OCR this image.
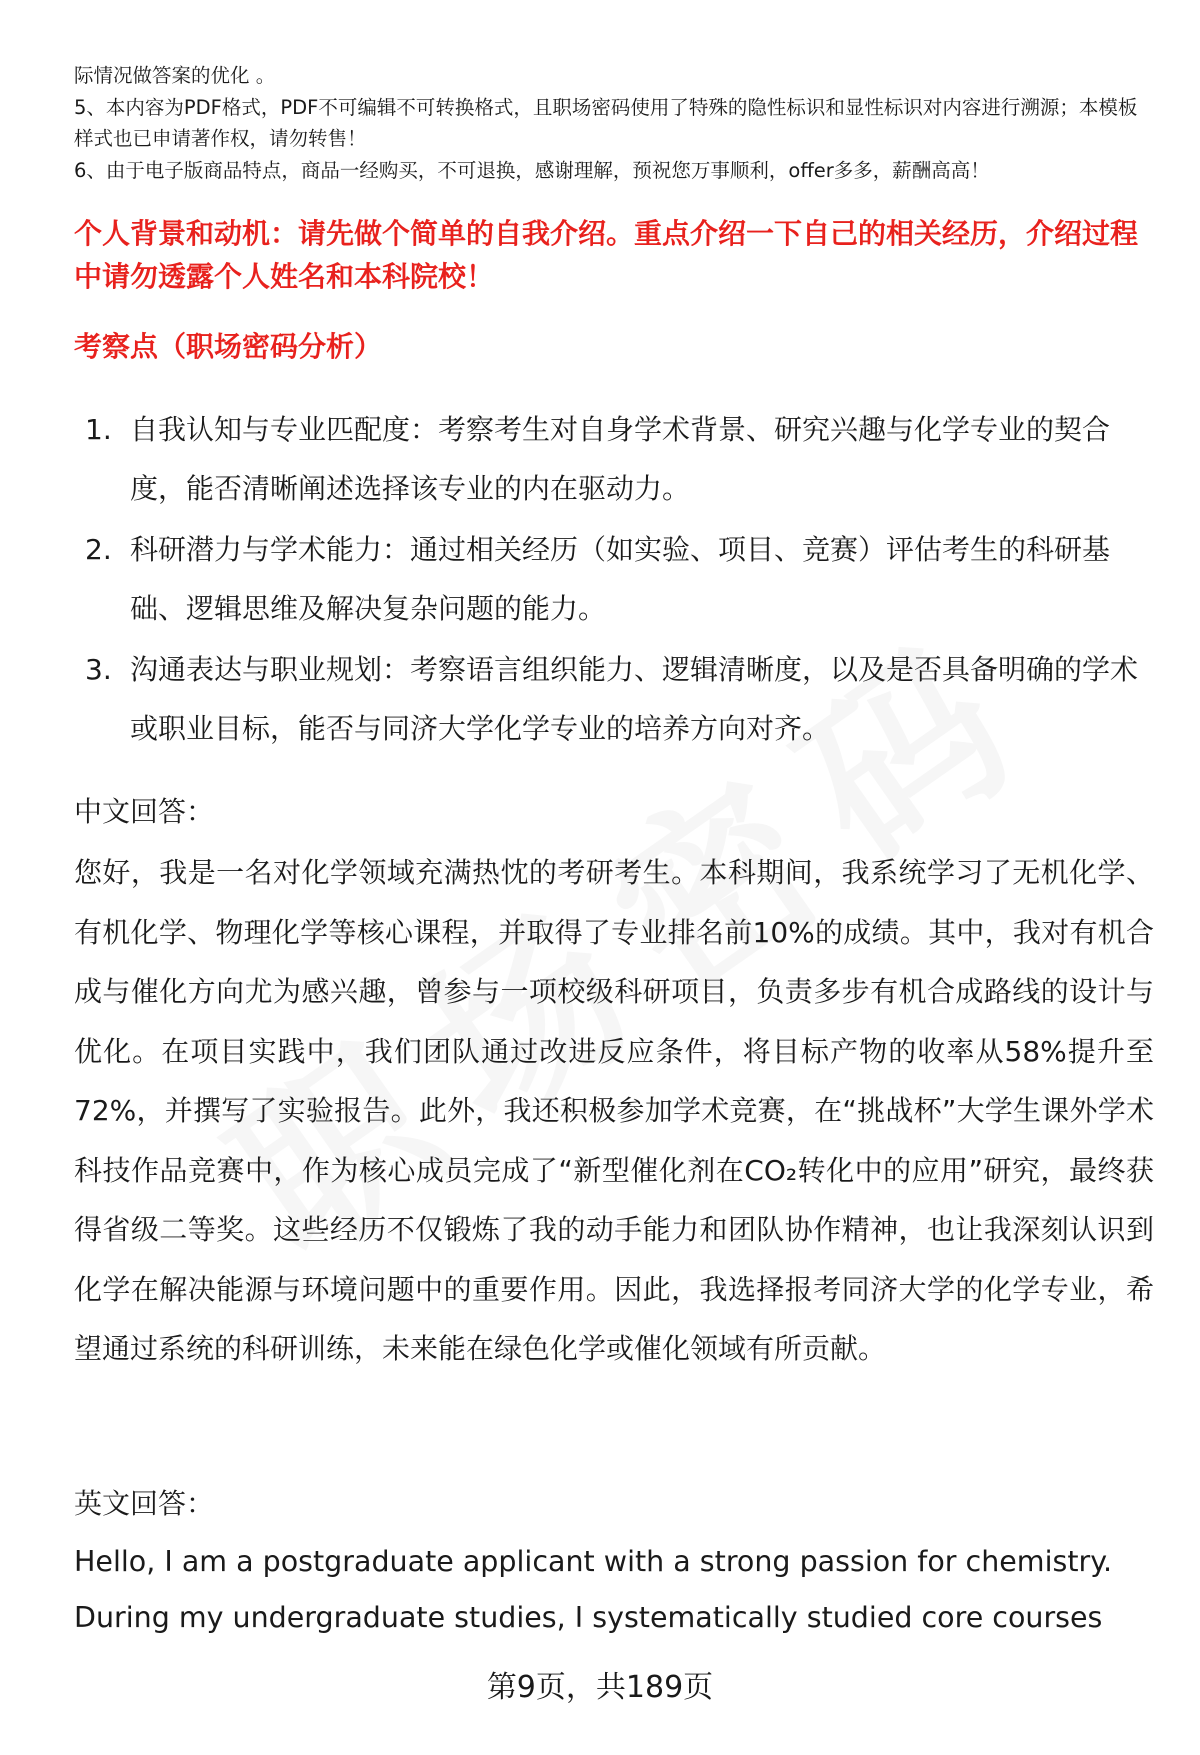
际情况做答案的优化 。

5、本内容为PDF格式，PDF不可编辑不可转换格式，且职场密码使用了特殊的隐性标识和显性标识对内容进行溯源；本模板样式也已申请著作权，请勿转售！

6、由于电子版商品特点，商品一经购买，不可退换，感谢理解，预祝您万事顺利，offer多多，薪酬高高！

个人背景和动机：请先做个简单的自我介绍。重点介绍一下自己的相关经历，介绍过程中请勿透露个人姓名和本科院校！
考察点（职场密码分析）
1. 自我认知与专业匹配度：考察考生对自身学术背景、研究兴趣与化学专业的契合度，能否清晰阐述选择该专业的内在驱动力。
2. 科研潜力与学术能力：通过相关经历（如实验、项目、竞赛）评估考生的科研基础、逻辑思维及解决复杂问题的能力。
3. 沟通表达与职业规划：考察语言组织能力、逻辑清晰度，以及是否具备明确的学术或职业目标，能否与同济大学化学专业的培养方向对齐。
中文回答：

您好，我是一名对化学领域充满热忱的考研考生。本科期间，我系统学习了无机化学、有机化学、物理化学等核心课程，并取得了专业排名前10%的成绩。其中，我对有机合成与催化方向尤为感兴趣，曾参与一项校级科研项目，负责多步有机合成路线的设计与优化。在项目实践中，我们团队通过改进反应条件，将目标产物的收率从58%提升至72%，并撰写了实验报告。此外，我还积极参加学术竞赛，在“挑战杯”大学生课外学术科技作品竞赛中，作为核心成员完成了“新型催化剂在CO₂转化中的应用”研究，最终获得省级二等奖。这些经历不仅锻炼了我的动手能力和团队协作精神，也让我深刻认识到化学在解决能源与环境问题中的重要作用。因此，我选择报考同济大学的化学专业，希望通过系统的科研训练，未来能在绿色化学或催化领域有所贡献。

英文回答：
Hello, I am a postgraduate applicant with a strong passion for chemistry.
During my undergraduate studies, I systematically studied core courses
第9页，共189页
